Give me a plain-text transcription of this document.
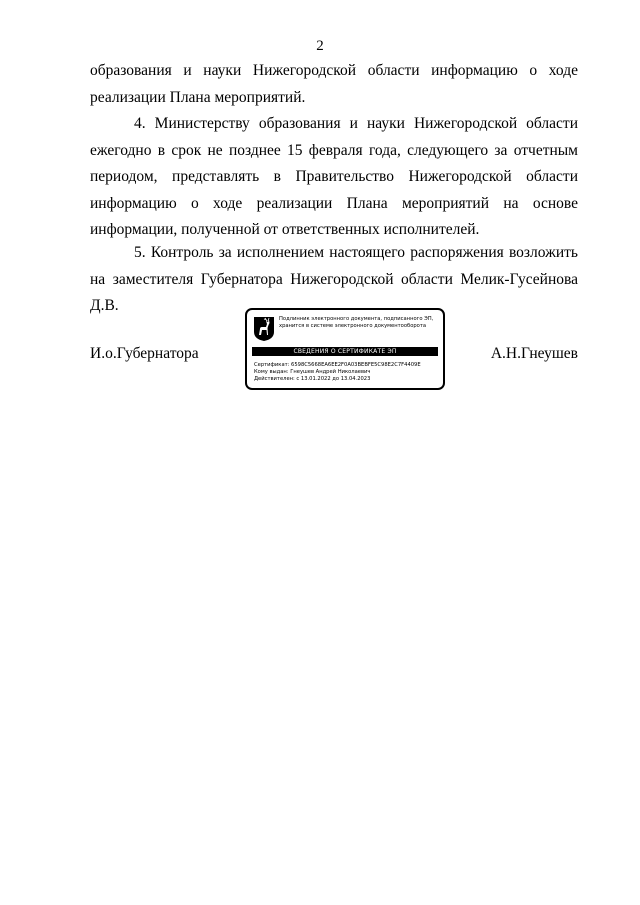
2

образования и науки Нижегородской области информацию о ходе реализации Плана мероприятий.

4. Министерству образования и науки Нижегородской области ежегодно в срок не позднее 15 февраля года, следующего за отчетным периодом, представлять в Правительство Нижегородской области информацию о ходе реализации Плана мероприятий на основе информации, полученной от ответственных исполнителей.

5. Контроль за исполнением настоящего распоряжения возложить на заместителя Губернатора Нижегородской области Мелик-Гусейнова Д.В.

И.о.Губернатора
Подлинник электронного документа, подписанного ЭП,
хранится в системе электронного документооборота
СВЕДЕНИЯ О СЕРТИФИКАТЕ ЭП
Сертификат: 6598C5668EA6EE2F0A03BEBFE5C98E2C7F4409E
Кому выдан: Гнеушев Андрей Николаевич
Действителен: с 13.01.2022 до 13.04.2023
А.Н.Гнеушев
